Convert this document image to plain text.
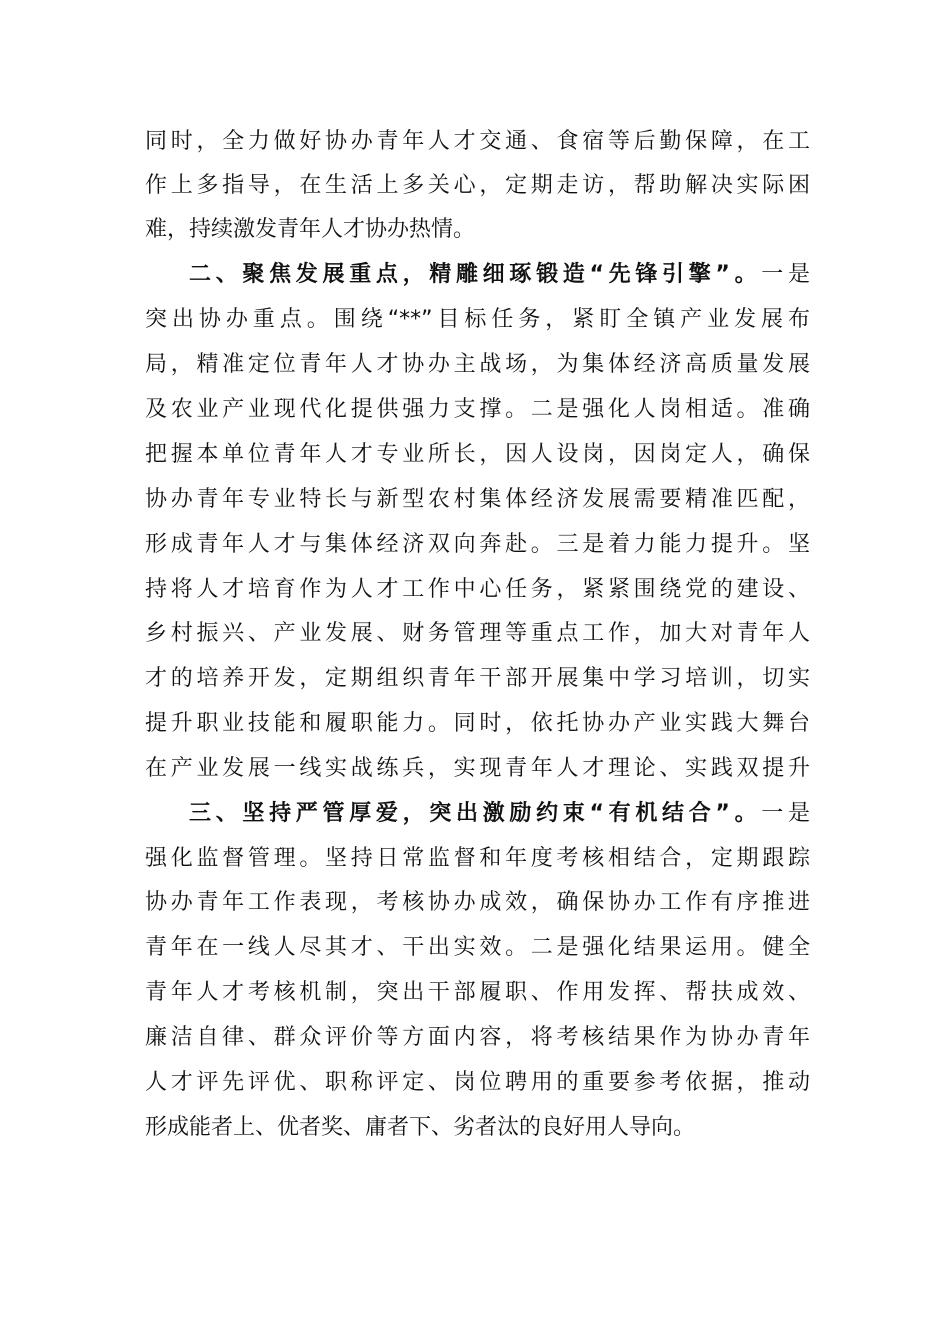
同时，全力做好协办青年人才交通、食宿等后勤保障，在工
作上多指导，在生活上多关心，定期走访，帮助解决实际困
难，持续激发青年人才协办热情。
二、聚焦发展重点，精雕细琢锻造“先锋引擎”。一是
突出协办重点。围绕“**”目标任务，紧盯全镇产业发展布
局，精准定位青年人才协办主战场，为集体经济高质量发展
及农业产业现代化提供强力支撑。二是强化人岗相适。准确
把握本单位青年人才专业所长，因人设岗，因岗定人，确保
协办青年专业特长与新型农村集体经济发展需要精准匹配，
形成青年人才与集体经济双向奔赴。三是着力能力提升。坚
持将人才培育作为人才工作中心任务，紧紧围绕党的建设、
乡村振兴、产业发展、财务管理等重点工作，加大对青年人
才的培养开发，定期组织青年干部开展集中学习培训，切实
提升职业技能和履职能力。同时，依托协办产业实践大舞台
在产业发展一线实战练兵，实现青年人才理论、实践双提升
三、坚持严管厚爱，突出激励约束“有机结合”。一是
强化监督管理。坚持日常监督和年度考核相结合，定期跟踪
协办青年工作表现，考核协办成效，确保协办工作有序推进
青年在一线人尽其才、干出实效。二是强化结果运用。健全
青年人才考核机制，突出干部履职、作用发挥、帮扶成效、
廉洁自律、群众评价等方面内容，将考核结果作为协办青年
人才评先评优、职称评定、岗位聘用的重要参考依据，推动
形成能者上、优者奖、庸者下、劣者汰的良好用人导向。
